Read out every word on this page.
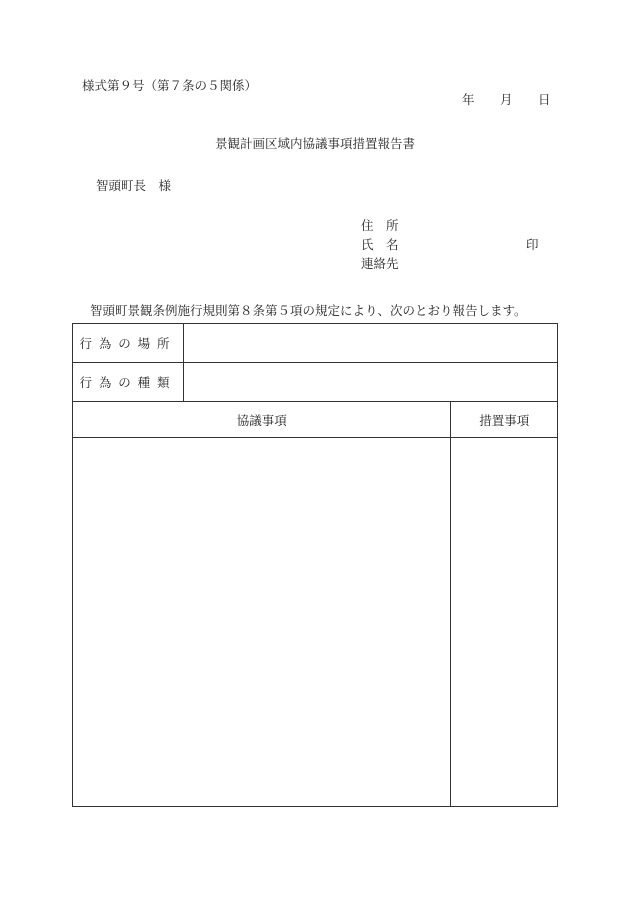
様式第９号（第７条の５関係）
年 月 日
景観計画区域内協議事項措置報告書
智頭町長　様
住　所
氏　名	印
連絡先
智頭町景観条例施行規則第８条第５項の規定により、次のとおり報告します。
行為の場所		
行為の種類		
協議事項		措置事項
